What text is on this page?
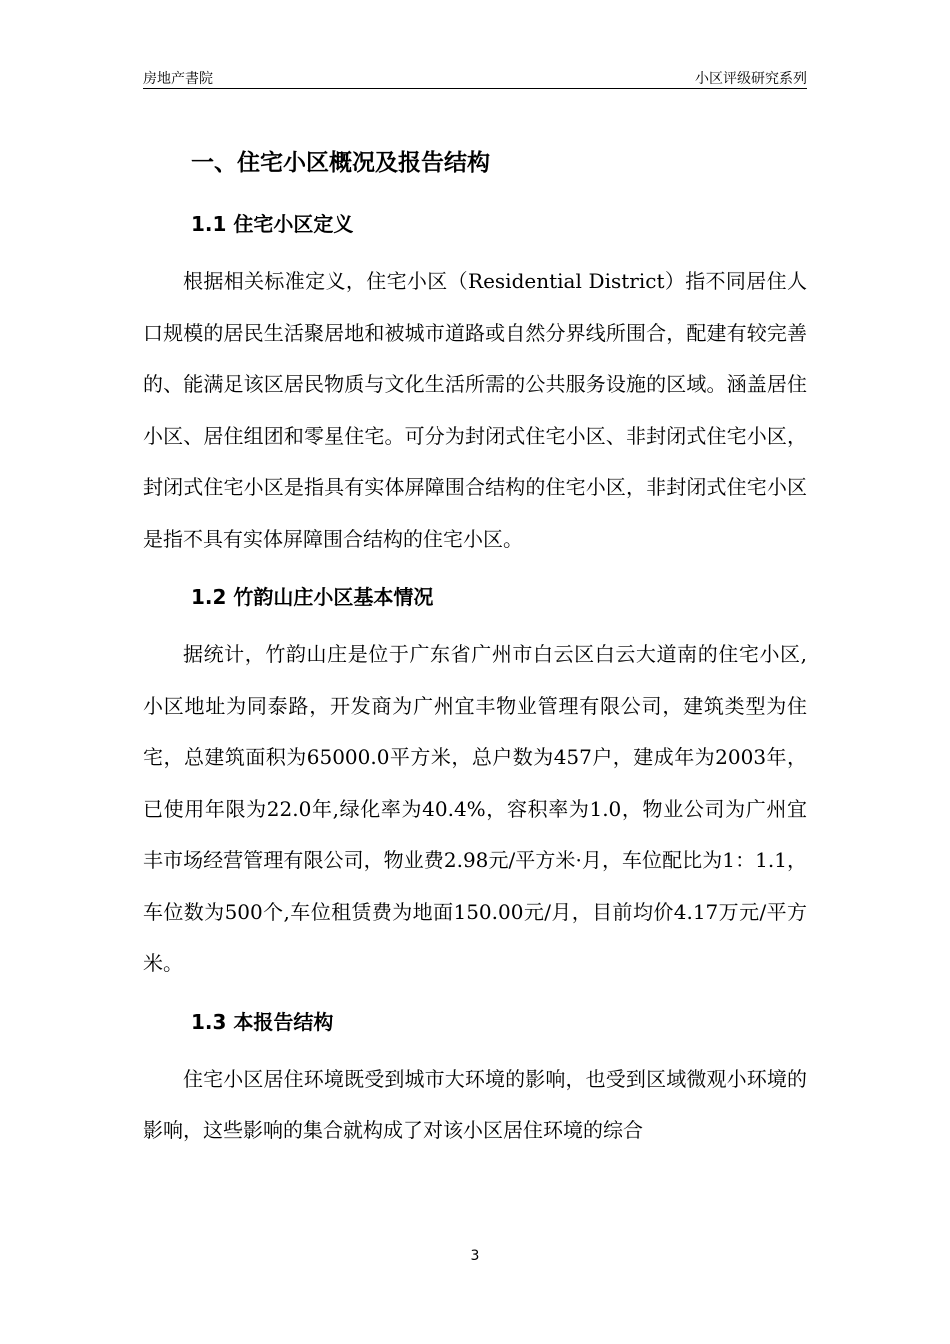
房地产書院	小区评级研究系列
一、住宅小区概况及报告结构
1.1 住宅小区定义

根据相关标准定义，住宅小区（Residential District）指不同居住人口规模的居民生活聚居地和被城市道路或自然分界线所围合，配建有较完善的、能满足该区居民物质与文化生活所需的公共服务设施的区域。涵盖居住小区、居住组团和零星住宅。可分为封闭式住宅小区、非封闭式住宅小区，封闭式住宅小区是指具有实体屏障围合结构的住宅小区，非封闭式住宅小区是指不具有实体屏障围合结构的住宅小区。

1.2 竹韵山庄小区基本情况

据统计，竹韵山庄是位于广东省广州市白云区白云大道南的住宅小区,小区地址为同泰路，开发商为广州宜丰物业管理有限公司，建筑类型为住宅，总建筑面积为65000.0平方米，总户数为457户，建成年为2003年，已使用年限为22.0年,绿化率为40.4%，容积率为1.0，物业公司为广州宜丰市场经营管理有限公司，物业费2.98元/平方米·月，车位配比为1：1.1，车位数为500个,车位租赁费为地面150.00元/月，目前均价4.17万元/平方米。

1.3 本报告结构

住宅小区居住环境既受到城市大环境的影响，也受到区域微观小环境的影响，这些影响的集合就构成了对该小区居住环境的综合

3
